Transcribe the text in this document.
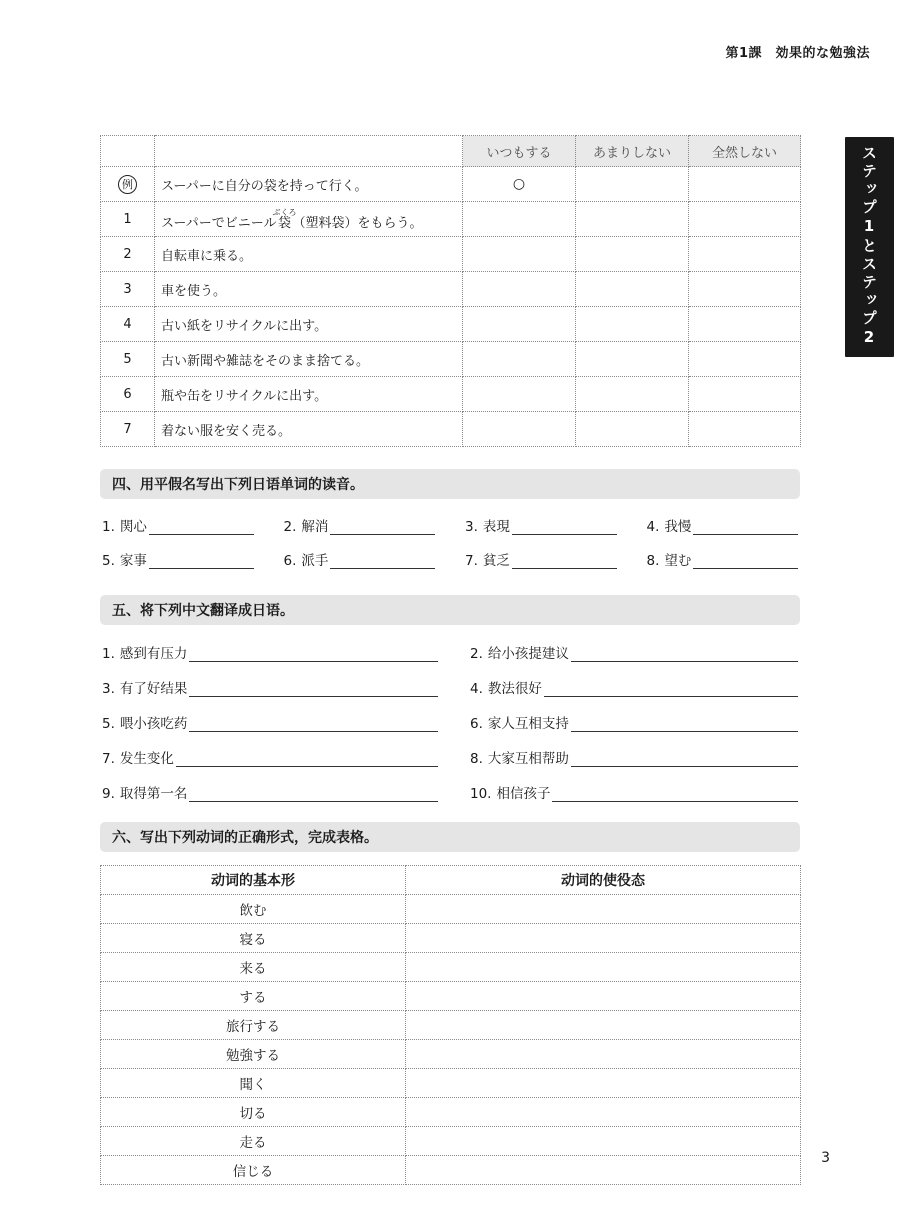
第1課　効果的な勉強法
ステップ1とステップ2
		いつもする	あまりしない	全然しない
例	スーパーに自分の袋を持って行く。	○		
1	スーパーでビニール袋ぶくろ（塑料袋）をもらう。			
2	自転車に乗る。			
3	車を使う。			
4	古い紙をリサイクルに出す。			
5	古い新聞や雑誌をそのまま捨てる。			
6	瓶や缶をリサイクルに出す。			
7	着ない服を安く売る。			
四、用平假名写出下列日语单词的读音。
1. 関心	2. 解消	3. 表現	4. 我慢
5. 家事	6. 派手	7. 貧乏	8. 望む
五、将下列中文翻译成日语。
1. 感到有压力
3. 有了好结果
5. 喂小孩吃药
7. 发生变化
9. 取得第一名
2. 给小孩提建议
4. 教法很好
6. 家人互相支持
8. 大家互相帮助
10. 相信孩子
六、写出下列动词的正确形式，完成表格。
动词的基本形	动词的使役态
飲む	
寝る	
来る	
する	
旅行する	
勉強する	
聞く	
切る	
走る	
信じる	
3
